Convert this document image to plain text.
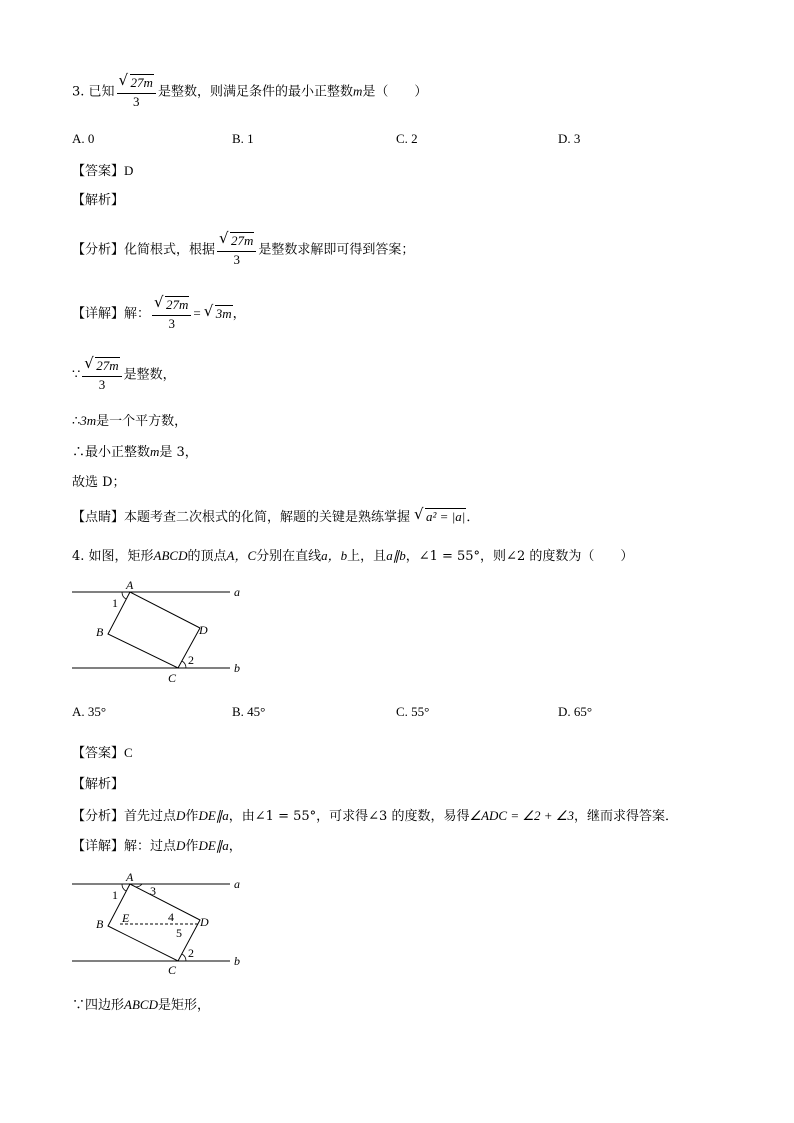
3. 已知 $\frac{√ 27m}{3}$ 是整数，则满足条件的最小正整数m是（　　）
A. 0	B. 1	C. 2	D. 3
【答案】D
【解析】
【分析】化简根式，根据 $\frac{√ 27m}{3}$ 是整数求解即可得到答案；
【详解】解： $\frac{√ 27m}{3}$ = √ 3m，
∵ $\frac{√ 27m}{3}$ 是整数，
∴3m是一个平方数，
∴最小正整数m是 3，
故选 D；
【点睛】本题考查二次根式的化简，解题的关键是熟练掌握 √ a² = |a|．
4. 如图，矩形ABCD的顶点A，C分别在直线a，b上，且a∥b，∠1 = 55°，则∠2 的度数为（　　）
A
B
C
D
a
b
1
2
A. 35°	B. 45°	C. 55°	D. 65°
【答案】C
【解析】
【分析】首先过点D作DE∥a，由∠1 = 55°，可求得∠3 的度数，易得∠ADC = ∠2 + ∠3，继而求得答案．
【详解】解：过点D作DE∥a，
A
B
C
D
E
a
b
1
2
3
4
5
∵四边形ABCD是矩形，
